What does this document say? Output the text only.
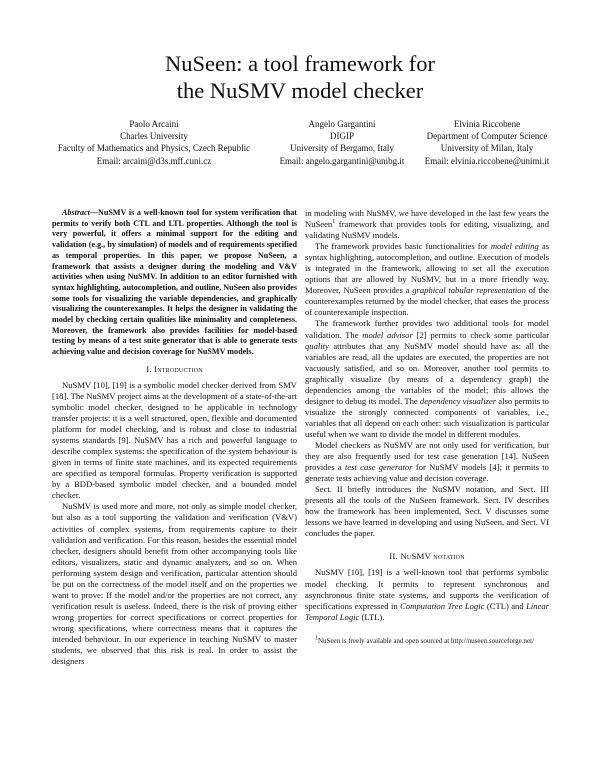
NuSeen: a tool framework for
the NuSMV model checker
Paolo Arcaini
Charles University
Faculty of Mathematics and Physics, Czech Republic
Email: arcaini@d3s.mff.cuni.cz
Angelo Gargantini
DIGIP
University of Bergamo, Italy
Email: angelo.gargantini@unibg.it
Elvinia Riccobene
Department of Computer Science
University of Milan, Italy
Email: elvinia.riccobene@unimi.it

Abstract—NuSMV is a well-known tool for system verification that permits to verify both CTL and LTL properties. Although the tool is very powerful, it offers a minimal support for the editing and validation (e.g., by simulation) of models and of requirements specified as temporal properties. In this paper, we propose NuSeen, a framework that assists a designer during the modeling and V&V activities when using NuSMV. In addition to an editor furnished with syntax highlighting, autocompletion, and outline, NuSeen also provides some tools for visualizing the variable dependencies, and graphically visualizing the counterexamples. It helps the designer in validating the model by checking certain qualities like minimality and completeness. Moreover, the framework also provides facilities for model-based testing by means of a test suite generator that is able to generate tests achieving value and decision coverage for NuSMV models.

I. Introduction

NuSMV [10], [19] is a symbolic model checker derived from SMV [18]. The NuSMV project aims at the development of a state-of-the-art symbolic model checker, designed to be applicable in technology transfer projects: it is a well structured, open, flexible and documented platform for model checking, and is robust and close to industrial systems standards [9]. NuSMV has a rich and powerful language to describe complex systems: the specification of the system behaviour is given in terms of finite state machines, and its expected requirements are specified as temporal formulas. Property verification is supported by a BDD-based symbolic model checker, and a bounded model checker.

NuSMV is used more and more, not only as simple model checker, but also as a tool supporting the validation and verification (V&V) activities of complex systems, from requirements capture to their validation and verification. For this reason, besides the essential model checker, designers should benefit from other accompanying tools like editors, visualizers, static and dynamic analyzers, and so on. When performing system design and verification, particular attention should be put on the correctness of the model itself and on the properties we want to prove: If the model and/or the properties are not correct, any verification result is useless. Indeed, there is the risk of proving either wrong properties for correct specifications or correct properties for wrong specifications, where correctness means that it captures the intended behaviour. In our experience in teaching NuSMV to master students, we observed that this risk is real. In order to assist the designers

in modeling with NuSMV, we have developed in the last few years the NuSeen$^1$ framework that provides tools for editing, visualizing, and validating NuSMV models.

The framework provides basic functionalities for model editing as syntax highlighting, autocompletion, and outline. Execution of models is integrated in the framework, allowing to set all the execution options that are allowed by NuSMV, but in a more friendly way. Moreover, NuSeen provides a graphical tabular representation of the counterexamples returned by the model checker, that eases the process of counterexample inspection.

The framework further provides two additional tools for model validation. The model advisor [2] permits to check some particular quality attributes that any NuSMV model should have as: all the variables are read, all the updates are executed, the properties are not vacuously satisfied, and so on. Moreover, another tool permits to graphically visualize (by means of a dependency graph) the dependencies among the variables of the model; this allows the designer to debug its model. The dependency visualizer also permits to visualize the strongly connected components of variables, i.e., variables that all depend on each other: such visualization is particular useful when we want to divide the model in different modules.

Model checkers as NuSMV are not only used for verification, but they are also frequently used for test case generation [14]. NuSeen provides a test case generator for NuSMV models [4]; it permits to generate tests achieving value and decision coverage.

Sect. II briefly introduces the NuSMV notation, and Sect. III presents all the tools of the NuSeen framework. Sect. IV describes how the framework has been implemented, Sect. V discusses some lessons we have learned in developing and using NuSeen, and Sect. VI concludes the paper.

II. NuSMV notation

NuSMV [10], [19] is a well-known tool that performs symbolic model checking. It permits to represent synchronous and asynchronous finite state systems, and supports the verification of specifications expressed in Computation Tree Logic (CTL) and Linear Temporal Logic (LTL).

$^1$NuSeen is freely available and open sourced at http://nuseen.sourceforge.net/
